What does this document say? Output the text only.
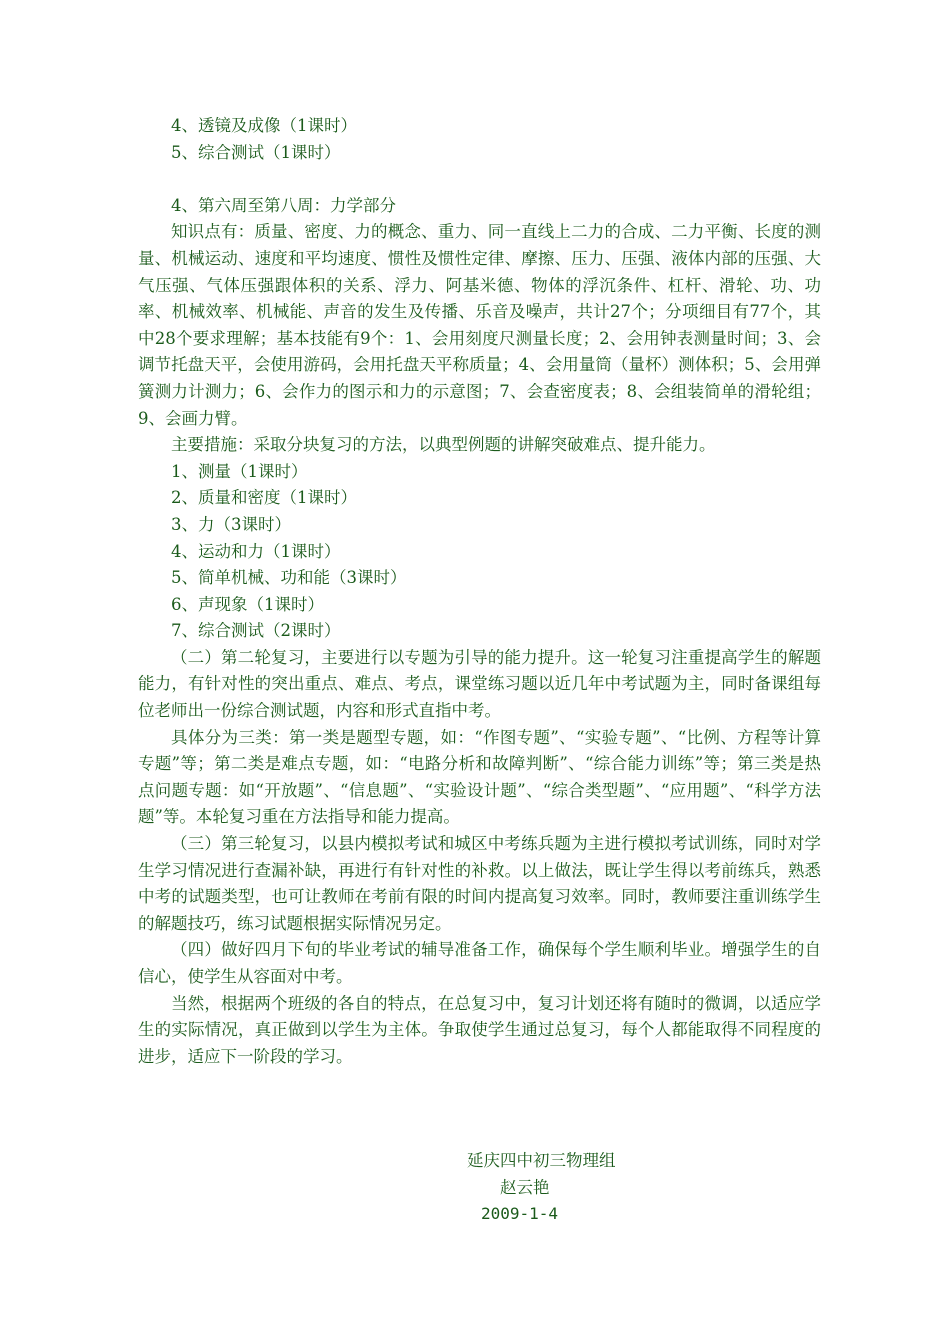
4、透镜及成像（1课时）

5、综合测试（1课时）

4、第六周至第八周：力学部分

知识点有：质量、密度、力的概念、重力、同一直线上二力的合成、二力平衡、长度的测量、机械运动、速度和平均速度、惯性及惯性定律、摩擦、压力、压强、液体内部的压强、大气压强、气体压强跟体积的关系、浮力、阿基米德、物体的浮沉条件、杠杆、滑轮、功、功率、机械效率、机械能、声音的发生及传播、乐音及噪声，共计27个；分项细目有77个，其中28个要求理解；基本技能有9个：1、会用刻度尺测量长度；2、会用钟表测量时间；3、会调节托盘天平，会使用游码，会用托盘天平称质量；4、会用量筒（量杯）测体积；5、会用弹簧测力计测力；6、会作力的图示和力的示意图；7、会查密度表；8、会组装简单的滑轮组；9、会画力臂。

主要措施：采取分块复习的方法，以典型例题的讲解突破难点、提升能力。

1、测量（1课时）

2、质量和密度（1课时）

3、力（3课时）

4、运动和力（1课时）

5、简单机械、功和能（3课时）

6、声现象（1课时）

7、综合测试（2课时）

（二）第二轮复习，主要进行以专题为引导的能力提升。这一轮复习注重提高学生的解题能力，有针对性的突出重点、难点、考点，课堂练习题以近几年中考试题为主，同时备课组每位老师出一份综合测试题，内容和形式直指中考。

具体分为三类：第一类是题型专题，如：“作图专题”、“实验专题”、“比例、方程等计算专题”等；第二类是难点专题，如：“电路分析和故障判断”、“综合能力训练”等；第三类是热点问题专题：如“开放题”、“信息题”、“实验设计题”、“综合类型题”、“应用题”、“科学方法题”等。本轮复习重在方法指导和能力提高。

（三）第三轮复习，以县内模拟考试和城区中考练兵题为主进行模拟考试训练，同时对学生学习情况进行查漏补缺，再进行有针对性的补救。以上做法，既让学生得以考前练兵，熟悉中考的试题类型，也可让教师在考前有限的时间内提高复习效率。同时，教师要注重训练学生的解题技巧，练习试题根据实际情况另定。

（四）做好四月下旬的毕业考试的辅导准备工作，确保每个学生顺利毕业。增强学生的自信心，使学生从容面对中考。

当然，根据两个班级的各自的特点，在总复习中，复习计划还将有随时的微调，以适应学生的实际情况，真正做到以学生为主体。争取使学生通过总复习，每个人都能取得不同程度的进步，适应下一阶段的学习。

延庆四中初三物理组
赵云艳
2009-1-4
